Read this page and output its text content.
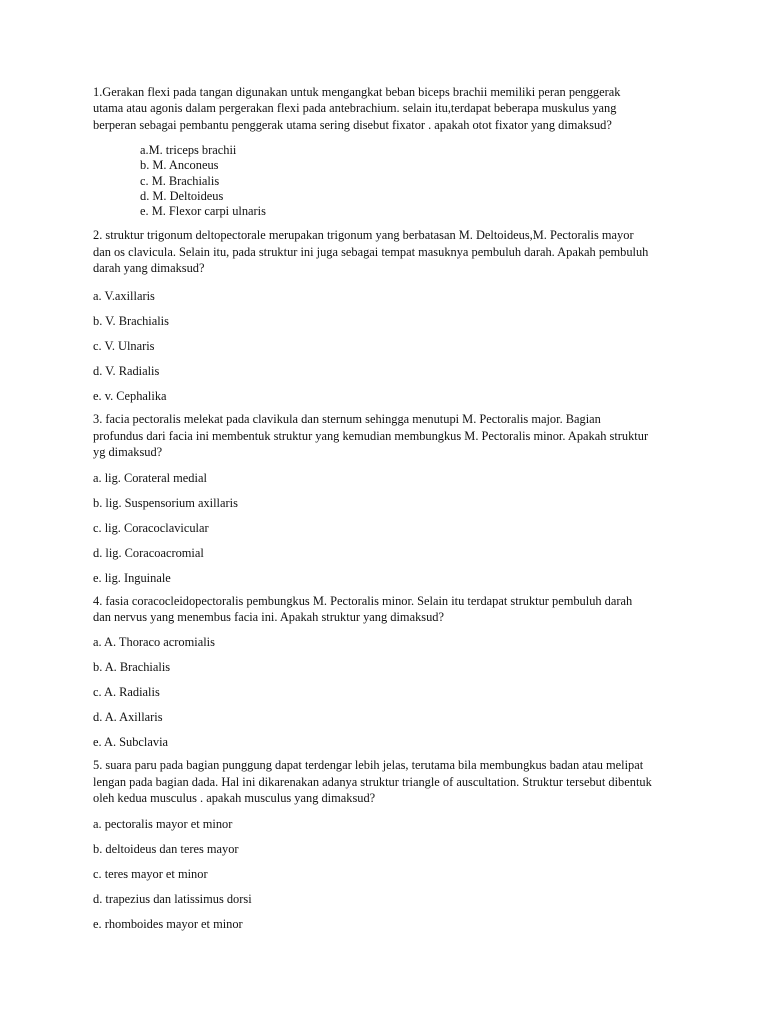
1.Gerakan flexi pada tangan digunakan untuk mengangkat beban biceps brachii memiliki peran penggerak
utama atau agonis dalam pergerakan flexi pada antebrachium. selain itu,terdapat beberapa muskulus yang
berperan sebagai pembantu penggerak utama sering disebut fixator . apakah otot fixator yang dimaksud?

a.M. triceps brachii

b. M. Anconeus

c. M. Brachialis

d. M. Deltoideus

e. M. Flexor carpi ulnaris

2. struktur trigonum deltopectorale merupakan trigonum yang berbatasan M. Deltoideus,M. Pectoralis mayor
dan os clavicula. Selain itu, pada struktur ini juga sebagai tempat masuknya pembuluh darah. Apakah pembuluh
darah yang dimaksud?

a. V.axillaris

b. V. Brachialis

c. V. Ulnaris

d. V. Radialis

e. v. Cephalika

3. facia pectoralis melekat pada clavikula dan sternum sehingga menutupi M. Pectoralis major. Bagian
profundus dari facia ini membentuk struktur yang kemudian membungkus M. Pectoralis minor. Apakah struktur
yg dimaksud?

a. lig. Corateral medial

b. lig. Suspensorium axillaris

c. lig. Coracoclavicular

d. lig. Coracoacromial

e. lig. Inguinale

4. fasia coracocleidopectoralis pembungkus M. Pectoralis minor. Selain itu terdapat struktur pembuluh darah
dan nervus yang menembus facia ini. Apakah struktur yang dimaksud?

a. A. Thoraco acromialis

b. A. Brachialis

c. A. Radialis

d. A. Axillaris

e. A. Subclavia

5. suara paru pada bagian punggung dapat terdengar lebih jelas, terutama bila membungkus badan atau melipat
lengan pada bagian dada. Hal ini dikarenakan adanya struktur triangle of auscultation. Struktur tersebut dibentuk
oleh kedua musculus . apakah musculus yang dimaksud?

a. pectoralis mayor et minor

b. deltoideus dan teres mayor

c. teres mayor et minor

d. trapezius dan latissimus dorsi

e. rhomboides mayor et minor
